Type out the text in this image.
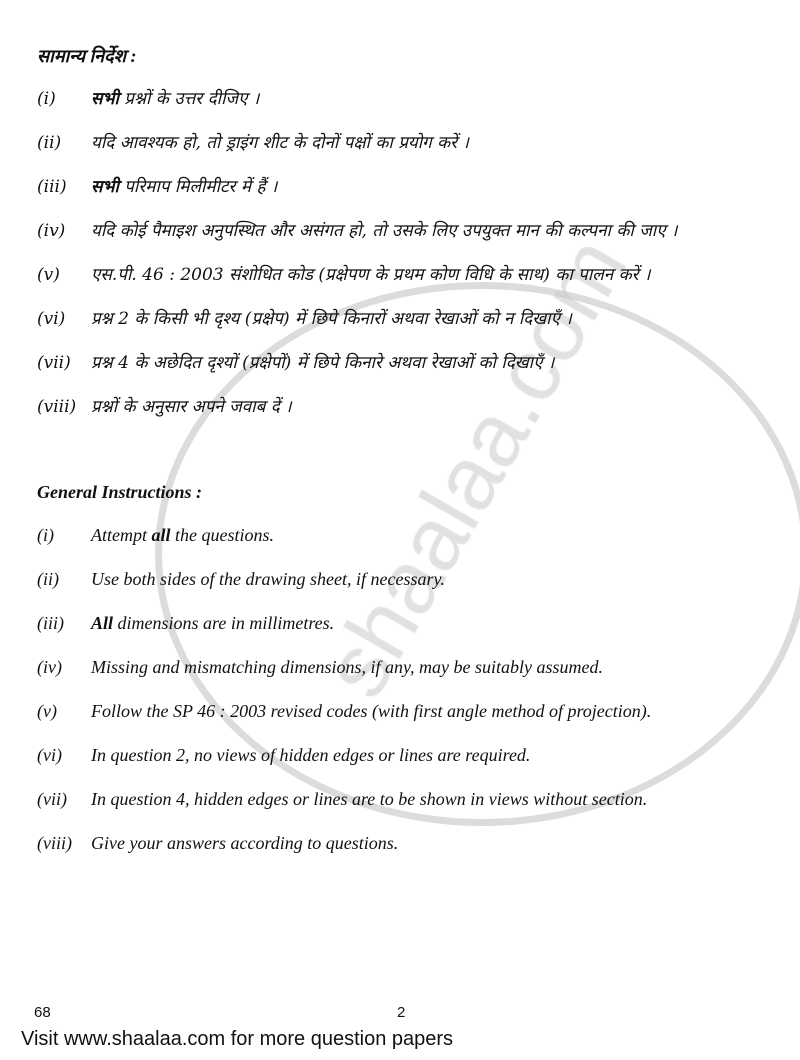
सामान्य निर्देश :
(i)	सभी प्रश्नों के उत्तर दीजिए ।
(ii)	यदि आवश्यक हो, तो ड्राइंग शीट के दोनों पक्षों का प्रयोग करें ।
(iii)	सभी परिमाप मिलीमीटर में हैं ।
(iv)	यदि कोई पैमाइश अनुपस्थित और असंगत हो, तो उसके लिए उपयुक्त मान की कल्पना की जाए ।
(v)	एस.पी. 46 : 2003 संशोधित कोड (प्रक्षेपण के प्रथम कोण विधि के साथ) का पालन करें ।
(vi)	प्रश्न 2 के किसी भी दृश्य (प्रक्षेप) में छिपे किनारों अथवा रेखाओं को न दिखाएँ ।
(vii)	प्रश्न 4 के अछेदित दृश्यों (प्रक्षेपों) में छिपे किनारे अथवा रेखाओं को दिखाएँ ।
(viii) प्रश्नों के अनुसार अपने जवाब दें ।
General Instructions :
(i)	Attempt all the questions.
(ii)	Use both sides of the drawing sheet, if necessary.
(iii)	All dimensions are in millimetres.
(iv)	Missing and mismatching dimensions, if any, may be suitably assumed.
(v)	Follow the SP 46 : 2003 revised codes (with first angle method of projection).
(vi)	In question 2, no views of hidden edges or lines are required.
(vii)	In question 4, hidden edges or lines are to be shown in views without section.
(viii)	Give your answers according to questions.
68	2
Visit www.shaalaa.com for more question papers
